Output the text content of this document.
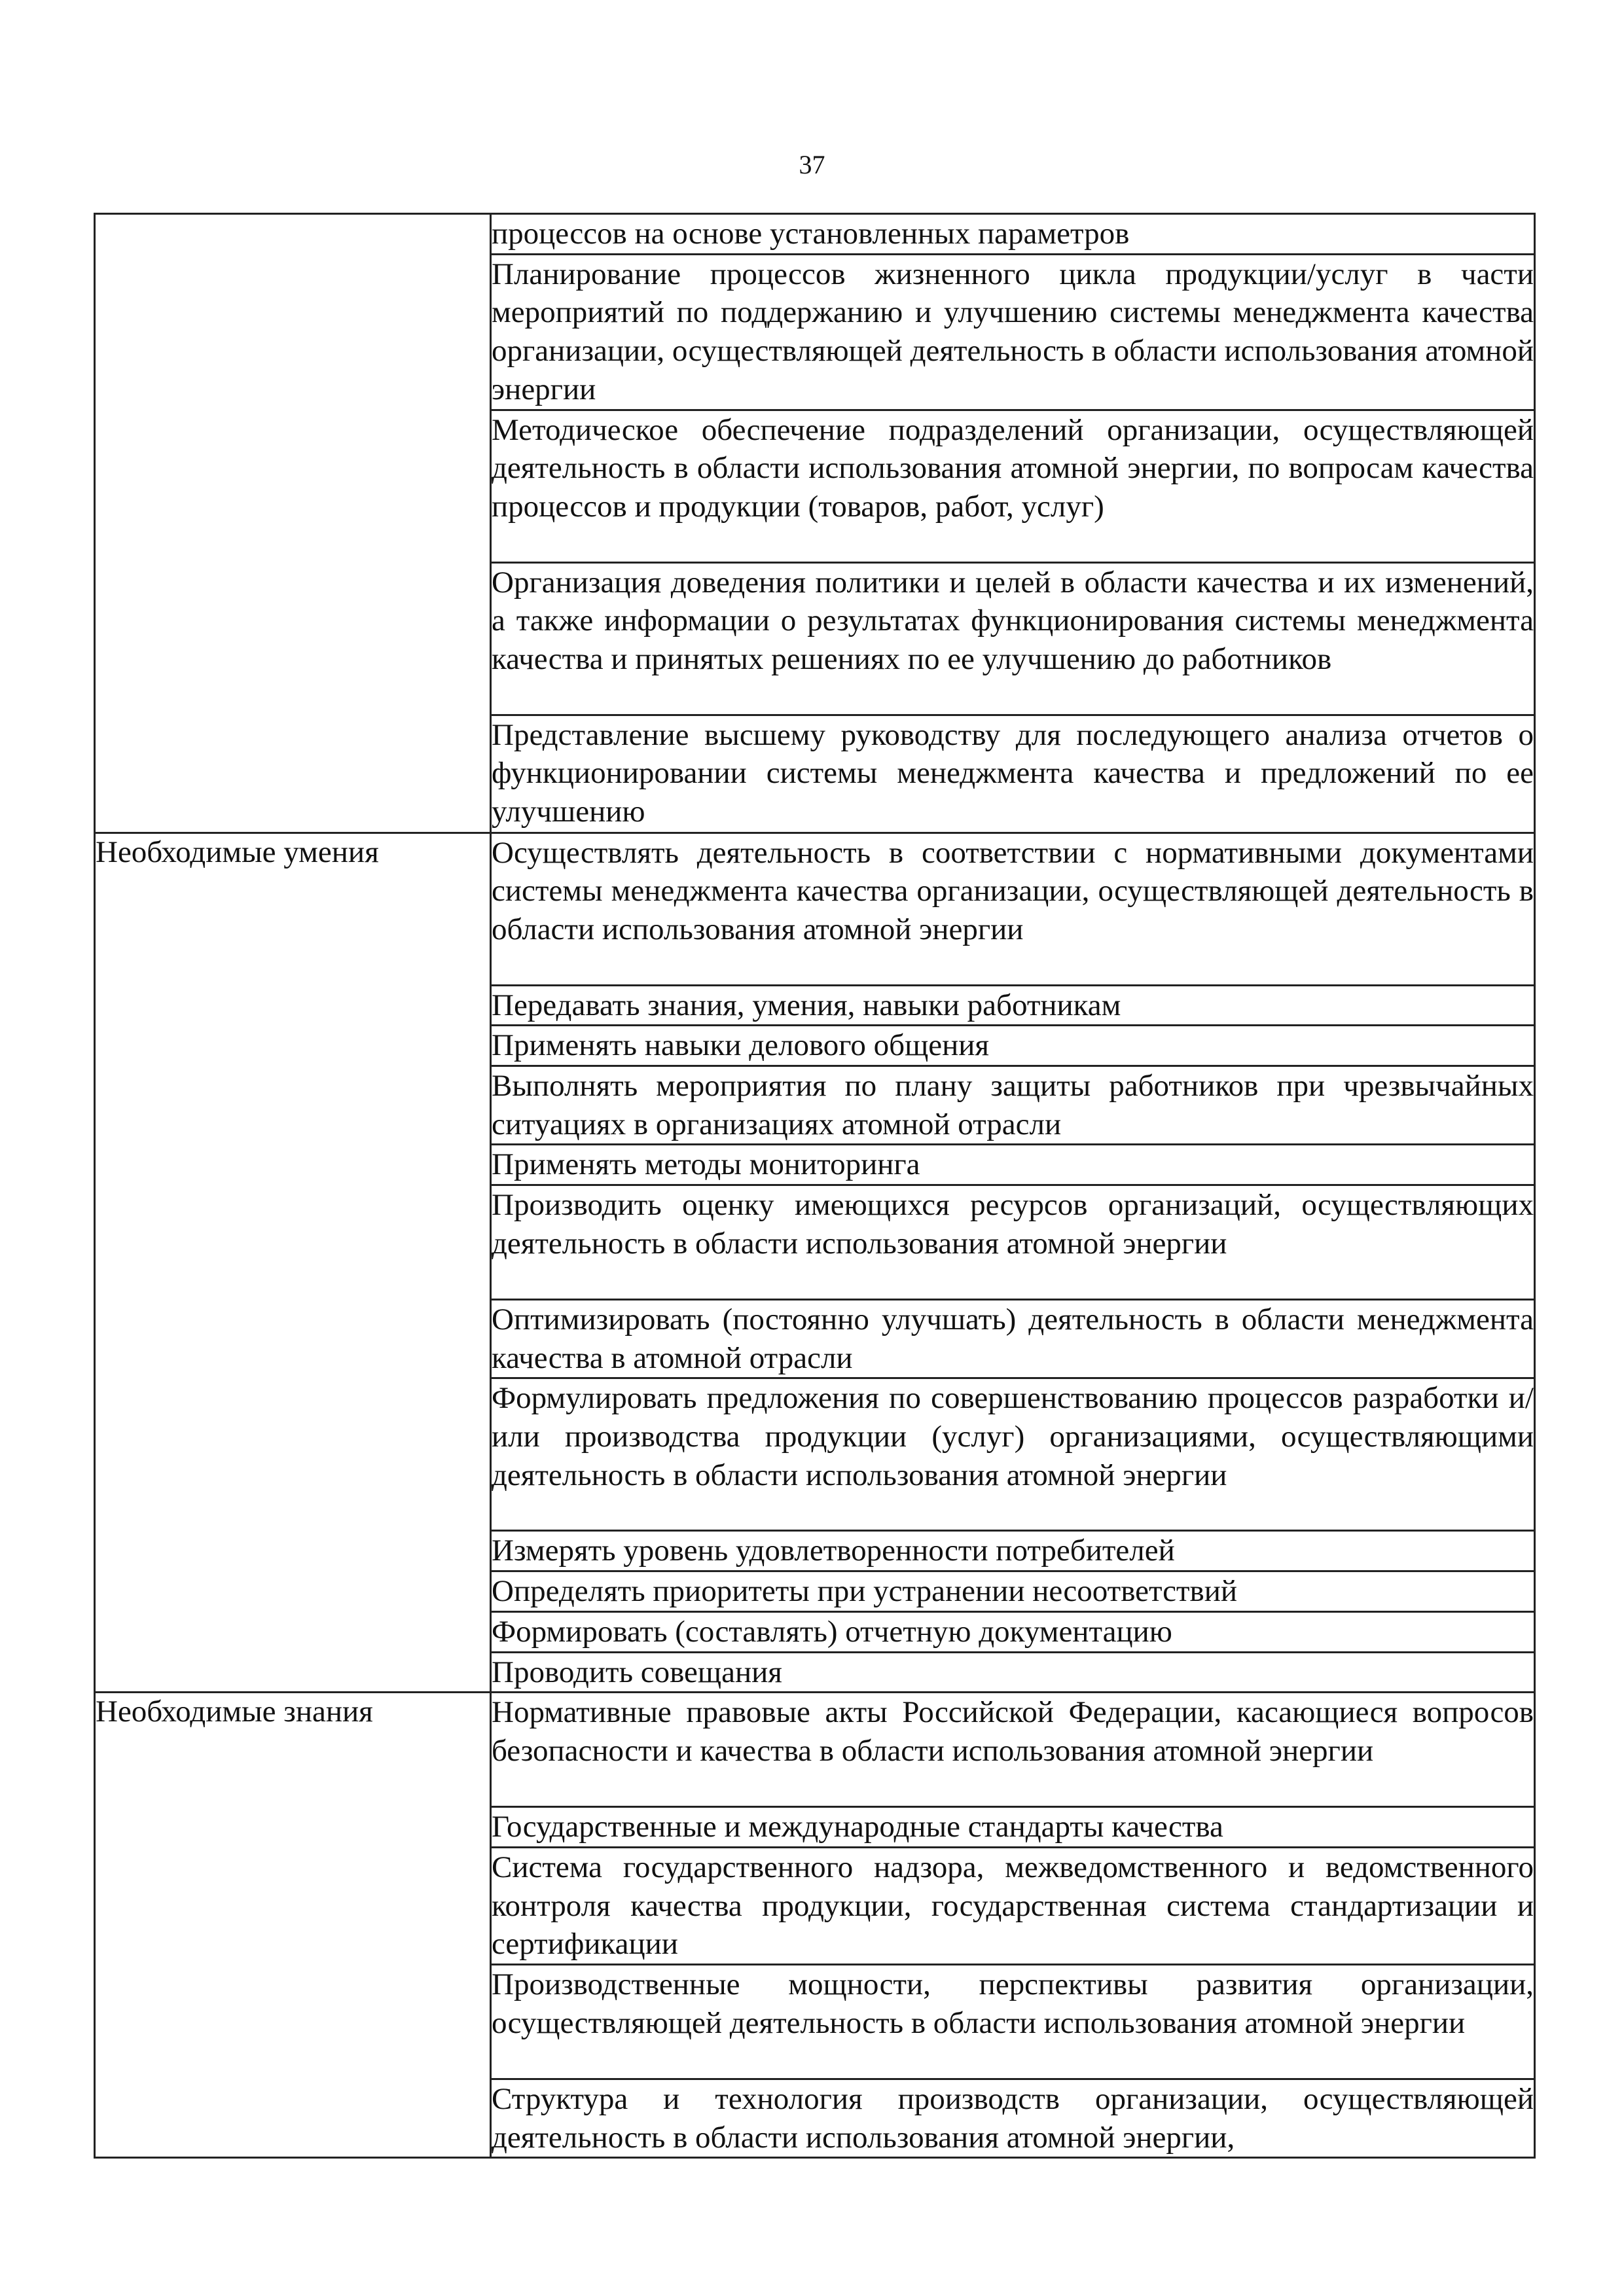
37
	процессов на основе установленных параметров
	Планирование процессов жизненного цикла продукции/услуг в части мероприятий по поддержанию и улучшению системы менеджмента качества организации, осуществляющей деятельность в области использования атомной энергии
	Методическое обеспечение подразделений организации, осуществляющей деятельность в области использования атомной энергии, по вопросам качества процессов и продукции (товаров, работ, услуг)
	Организация доведения политики и целей в области качества и их изменений, а также информации о результатах функционирования системы менеджмента качества и принятых решениях по ее улучшению до работников
	Представление высшему руководству для последующего анализа отчетов о функционировании системы менеджмента качества и предложений по ее улучшению
Необходимые умения	Осуществлять деятельность в соответствии с нормативными документами системы менеджмента качества организации, осуществляющей деятельность в области использования атомной энергии
	Передавать знания, умения, навыки работникам
	Применять навыки делового общения
	Выполнять мероприятия по плану защиты работников при чрезвычайных ситуациях в организациях атомной отрасли
	Применять методы мониторинга
	Производить оценку имеющихся ресурсов организаций, осуществляющих деятельность в области использования атомной энергии
	Оптимизировать (постоянно улучшать) деятельность в области менеджмента качества в атомной отрасли
	Формулировать предложения по совершенствованию процессов разработки и/или производства продукции (услуг) организациями, осуществляющими деятельность в области использования атомной энергии
	Измерять уровень удовлетворенности потребителей
	Определять приоритеты при устранении несоответствий
	Формировать (составлять) отчетную документацию
	Проводить совещания
Необходимые знания	Нормативные правовые акты Российской Федерации, касающиеся вопросов безопасности и качества в области использования атомной энергии
	Государственные и международные стандарты качества
	Система государственного надзора, межведомственного и ведомственного контроля качества продукции, государственная система стандартизации и сертификации
	Производственные мощности, перспективы развития организации, осуществляющей деятельность в области использования атомной энергии
	Структура и технология производств организации, осуществляющей деятельность в области использования атомной энергии,
